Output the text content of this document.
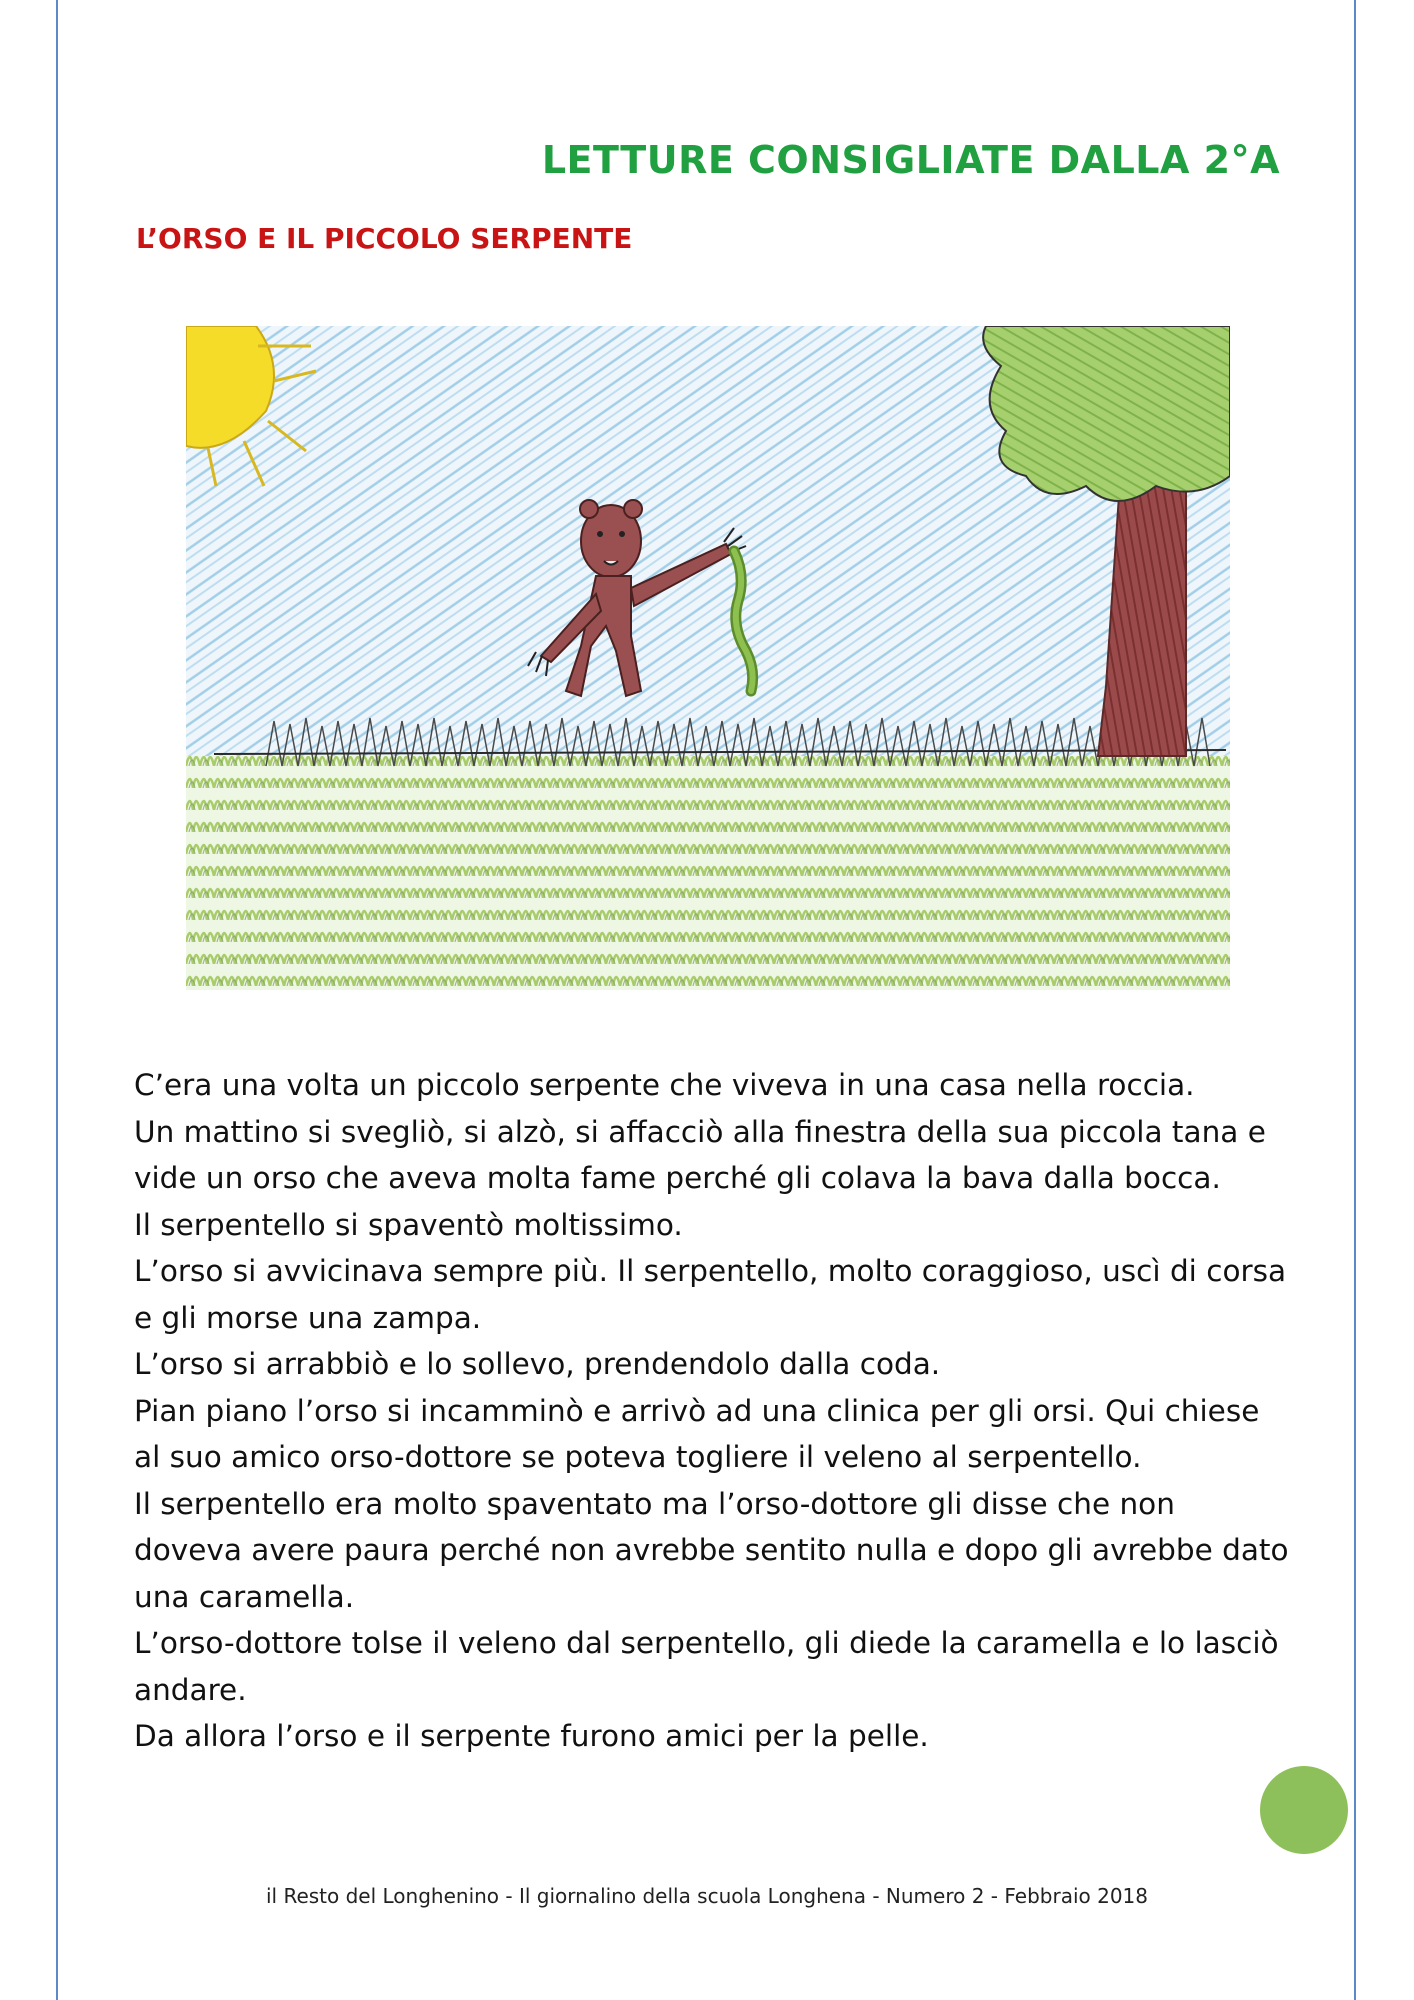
LETTURE CONSIGLIATE DALLA 2°A
L’ORSO E IL PICCOLO SERPENTE

C’era una volta un piccolo serpente che viveva in una casa nella roccia.

Un mattino si svegliò, si alzò, si affacciò alla finestra della sua piccola tana e

vide un orso che aveva molta fame perché gli colava la bava dalla bocca.

Il serpentello si spaventò moltissimo.

L’orso si avvicinava sempre più. Il serpentello, molto coraggioso, uscì di corsa

e gli morse una zampa.

L’orso si arrabbiò e lo sollevo, prendendolo dalla coda.

Pian piano l’orso si incamminò e arrivò ad una clinica per gli orsi. Qui chiese

al suo amico orso-dottore se poteva togliere il veleno al serpentello.

Il serpentello era molto spaventato ma l’orso-dottore gli disse che non

doveva avere paura perché non avrebbe sentito nulla e dopo gli avrebbe dato

una caramella.

L’orso-dottore tolse il veleno dal serpentello, gli diede la caramella e lo lasciò

andare.

Da allora l’orso e il serpente furono amici per la pelle.

il Resto del Longhenino - Il giornalino della scuola Longhena - Numero 2 - Febbraio 2018
